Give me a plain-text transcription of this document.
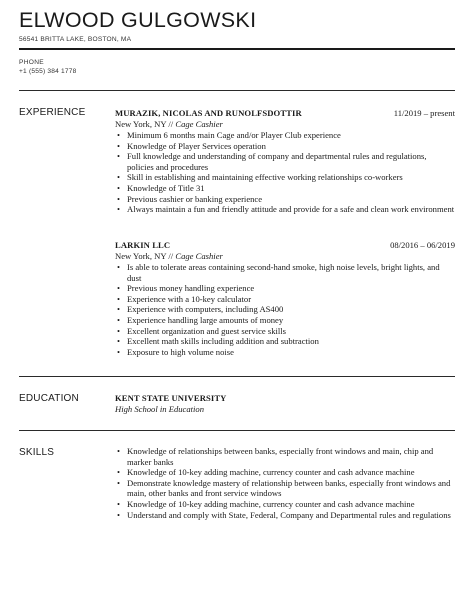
ELWOOD GULGOWSKI
56541 BRITTA LAKE, BOSTON, MA
PHONE
+1 (555) 384 1778
EXPERIENCE	MURAZIK, NICOLAS AND RUNOLFSDOTTIR	11/2019 – present
New York, NY // Cage Cashier
• Minimum 6 months main Cage and/or Player Club experience
• Knowledge of Player Services operation
• Full knowledge and understanding of company and departmental rules and regulations, policies and procedures
• Skill in establishing and maintaining effective working relationships co-workers
• Knowledge of Title 31
• Previous cashier or banking experience
• Always maintain a fun and friendly attitude and provide for a safe and clean work environment
LARKIN LLC	08/2016 – 06/2019
New York, NY // Cage Cashier
• Is able to tolerate areas containing second-hand smoke, high noise levels, bright lights, and dust
• Previous money handling experience
• Experience with a 10-key calculator
• Experience with computers, including AS400
• Experience handling large amounts of money
• Excellent organization and guest service skills
• Excellent math skills including addition and subtraction
• Exposure to high volume noise
EDUCATION	KENT STATE UNIVERSITY
High School in Education
SKILLS
•	Knowledge of relationships between banks, especially front windows and main, chip and marker banks
• Knowledge of 10-key adding machine, currency counter and cash advance machine
• Demonstrate knowledge mastery of relationship between banks, especially front windows and main, other banks and front service windows
• Knowledge of 10-key adding machine, currency counter and cash advance machine
• Understand and comply with State, Federal, Company and Departmental rules and regulations
